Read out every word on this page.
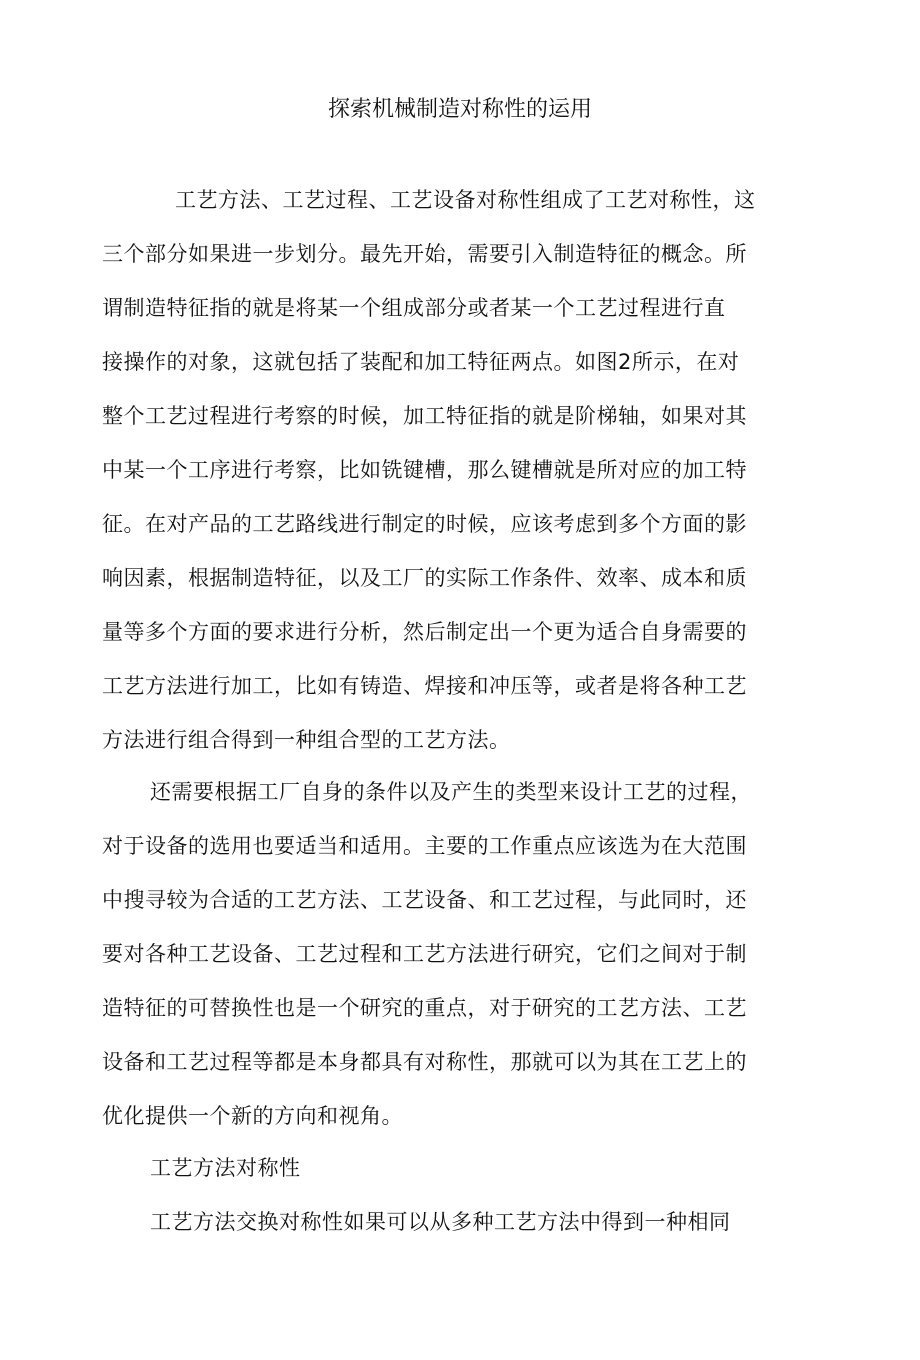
探索机械制造对称性的运用

工艺方法、工艺过程、工艺设备对称性组成了工艺对称性，这

三个部分如果进一步划分。最先开始，需要引入制造特征的概念。所

谓制造特征指的就是将某一个组成部分或者某一个工艺过程进行直

接操作的对象，这就包括了装配和加工特征两点。如图2所示，在对

整个工艺过程进行考察的时候，加工特征指的就是阶梯轴，如果对其

中某一个工序进行考察，比如铣键槽，那么键槽就是所对应的加工特

征。在对产品的工艺路线进行制定的时候，应该考虑到多个方面的影

响因素，根据制造特征，以及工厂的实际工作条件、效率、成本和质

量等多个方面的要求进行分析，然后制定出一个更为适合自身需要的

工艺方法进行加工，比如有铸造、焊接和冲压等，或者是将各种工艺

方法进行组合得到一种组合型的工艺方法。

还需要根据工厂自身的条件以及产生的类型来设计工艺的过程，

对于设备的选用也要适当和适用。主要的工作重点应该选为在大范围

中搜寻较为合适的工艺方法、工艺设备、和工艺过程，与此同时，还

要对各种工艺设备、工艺过程和工艺方法进行研究，它们之间对于制

造特征的可替换性也是一个研究的重点，对于研究的工艺方法、工艺

设备和工艺过程等都是本身都具有对称性，那就可以为其在工艺上的

优化提供一个新的方向和视角。

工艺方法对称性

工艺方法交换对称性如果可以从多种工艺方法中得到一种相同
